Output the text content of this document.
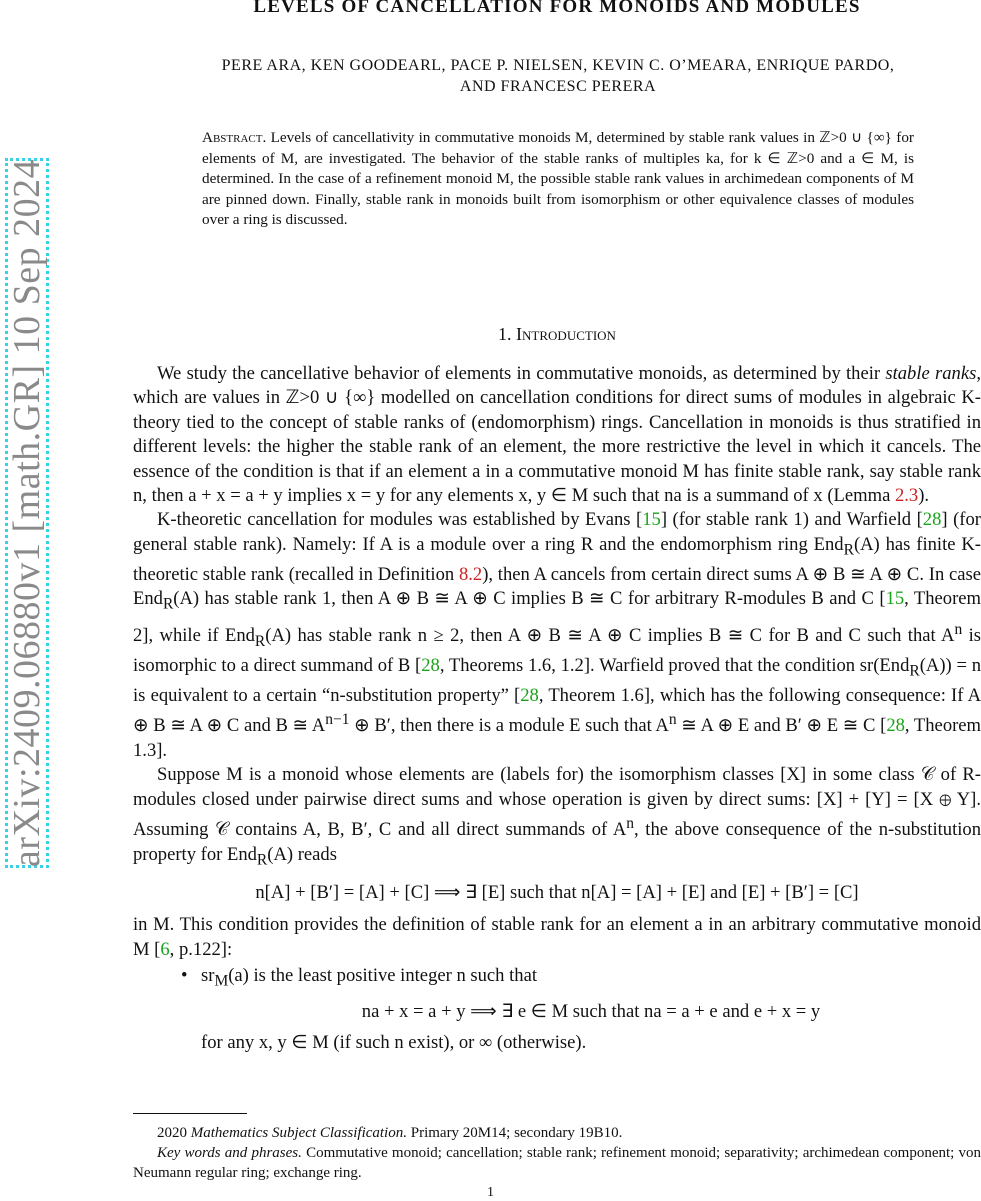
arXiv:2409.06880v1 [math.GR] 10 Sep 2024
LEVELS OF CANCELLATION FOR MONOIDS AND MODULES
PERE ARA, KEN GOODEARL, PACE P. NIELSEN, KEVIN C. O’MEARA, ENRIQUE PARDO,
AND FRANCESC PERERA
Abstract. Levels of cancellativity in commutative monoids M, determined by stable rank values in ℤ>0 ∪ {∞} for elements of M, are investigated. The behavior of the stable ranks of multiples ka, for k ∈ ℤ>0 and a ∈ M, is determined. In the case of a refinement monoid M, the possible stable rank values in archimedean components of M are pinned down. Finally, stable rank in monoids built from isomorphism or other equivalence classes of modules over a ring is discussed.
1. Introduction

We study the cancellative behavior of elements in commutative monoids, as determined by their stable ranks, which are values in ℤ>0 ∪ {∞} modelled on cancellation conditions for direct sums of modules in algebraic K-theory tied to the concept of stable ranks of (endomorphism) rings. Cancellation in monoids is thus stratified in different levels: the higher the stable rank of an element, the more restrictive the level in which it cancels. The essence of the condition is that if an element a in a commutative monoid M has finite stable rank, say stable rank n, then a + x = a + y implies x = y for any elements x, y ∈ M such that na is a summand of x (Lemma 2.3).

K-theoretic cancellation for modules was established by Evans [15] (for stable rank 1) and Warfield [28] (for general stable rank). Namely: If A is a module over a ring R and the endomorphism ring End$_R$(A) has finite K-theoretic stable rank (recalled in Definition 8.2), then A cancels from certain direct sums A ⊕ B ≅ A ⊕ C. In case End$_R$(A) has stable rank 1, then A ⊕ B ≅ A ⊕ C implies B ≅ C for arbitrary R-modules B and C [15, Theorem 2], while if End$_R$(A) has stable rank n ≥ 2, then A ⊕ B ≅ A ⊕ C implies B ≅ C for B and C such that $A^n$ is isomorphic to a direct summand of B [28, Theorems 1.6, 1.2]. Warfield proved that the condition sr(End$_R$(A)) = n is equivalent to a certain “n-substitution property” [28, Theorem 1.6], which has the following consequence: If A ⊕ B ≅ A ⊕ C and B ≅ $A^{n-1}$ ⊕ B′, then there is a module E such that $A^n$ ≅ A ⊕ E and B′ ⊕ E ≅ C [28, Theorem 1.3].

Suppose M is a monoid whose elements are (labels for) the isomorphism classes [X] in some class 𝒞 of R-modules closed under pairwise direct sums and whose operation is given by direct sums: [X] + [Y] = [X ⊕ Y]. Assuming 𝒞 contains A, B, B′, C and all direct summands of $A^n$, the above consequence of the n-substitution property for End$_R$(A) reads

n[A] + [B′] = [A] + [C] ⟹ ∃ [E] such that n[A] = [A] + [E] and [E] + [B′] = [C]

in M. This condition provides the definition of stable rank for an element a in an arbitrary commutative monoid M [6, p.122]:

• $sr_M(a)$ is the least positive integer n such that
na + x = a + y ⟹ ∃ e ∈ M such that na = a + e and e + x = y
for any x, y ∈ M (if such n exist), or ∞ (otherwise).

2020 Mathematics Subject Classification. Primary 20M14; secondary 19B10.

Key words and phrases. Commutative monoid; cancellation; stable rank; refinement monoid; separativity; archimedean component; von Neumann regular ring; exchange ring.

1
